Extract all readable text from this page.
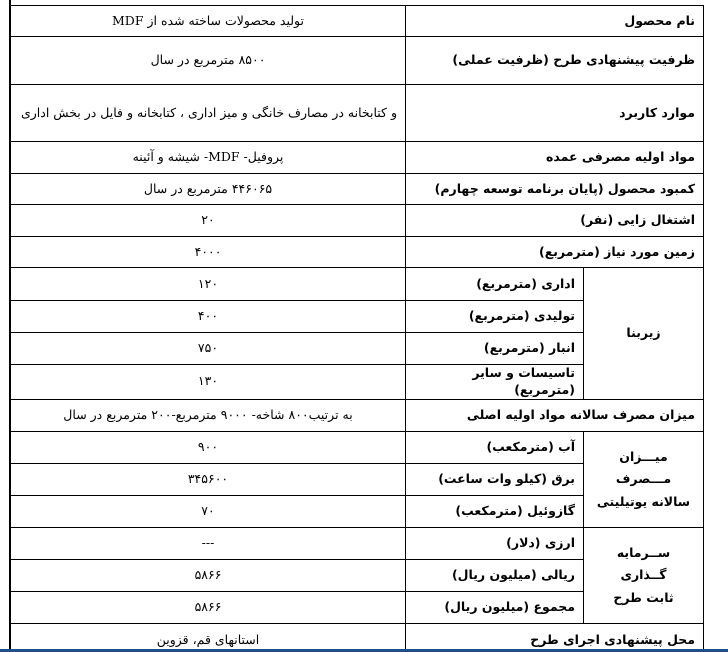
نام محصول		تولید محصولات ساخته شده از MDF
ظرفیت پیشنهادی طرح (ظرفیت عملی)		۸۵۰۰ مترمربع در سال
موارد کاربرد		و کتابخانه در مصارف خانگی و میز اداری ، کتابخانه و فایل در بخش اداری
مواد اولیه مصرفی عمده		پروفیل- MDF- شیشه و آئینه
کمبود محصول (پایان برنامه توسعه چهارم)		۴۴۶۰۶۵ مترمربع در سال
اشتغال زایی (نفر)		۲۰
زمین مورد نیاز (مترمربع)		۴۰۰۰
زیربنا	اداری (مترمربع)	۱۲۰
	تولیدی (مترمربع)	۴۰۰
	انبار (مترمربع)	۷۵۰
	تاسیسات و سایر (مترمربع)	۱۳۰
میزان مصرف سالانه مواد اولیه اصلی		به ترتیب۸۰۰ شاخه- ۹۰۰۰ مترمربع-۲۰۰ مترمربع در سال

میـــزان مـــصرف
سالانه یوتیلیتی	آب (مترمکعب)	۹۰۰
	برق (کیلو وات ساعت)	۳۴۵۶۰۰
	گازوئیل (مترمکعب)	۷۰

ســرمایه گــذاری
ثابت طرح	ارزی (دلار)	---
	ریالی (میلیون ریال)	۵۸۶۶
	مجموع (میلیون ریال)	۵۸۶۶
محل پیشنهادی اجرای طرح		استانهای قم، قزوین
